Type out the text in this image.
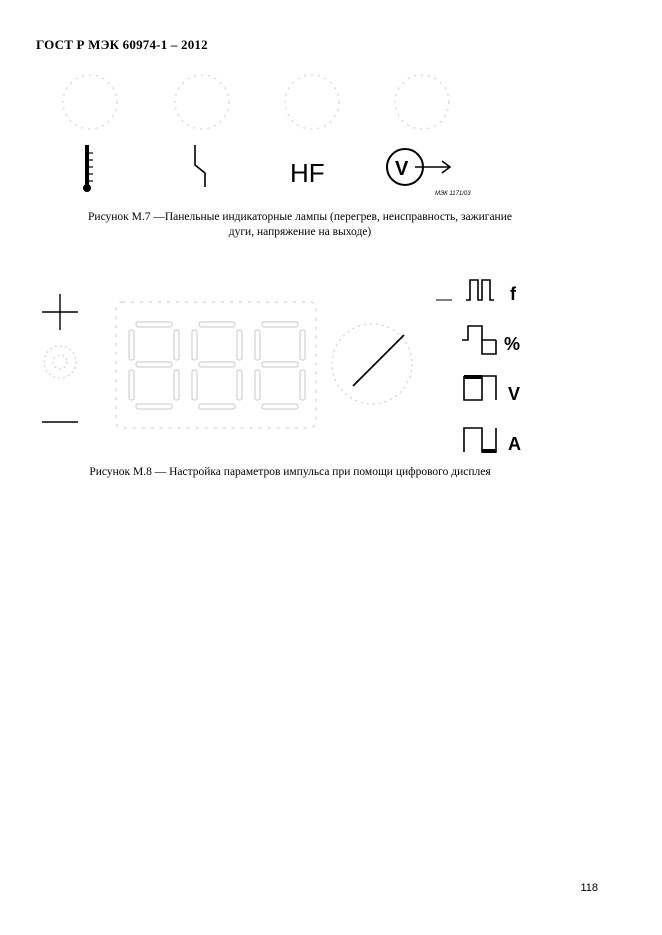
ГОСТ Р МЭК 60974-1 – 2012
HF	V
МЭК 1171/03
Рисунок М.7 —Панельные индикаторные лампы (перегрев, неисправность, зажигание
дуги, напряжение на выходе)
f
%
V
A
Рисунок М.8 — Настройка параметров импульса при помощи цифрового дисплея
118
